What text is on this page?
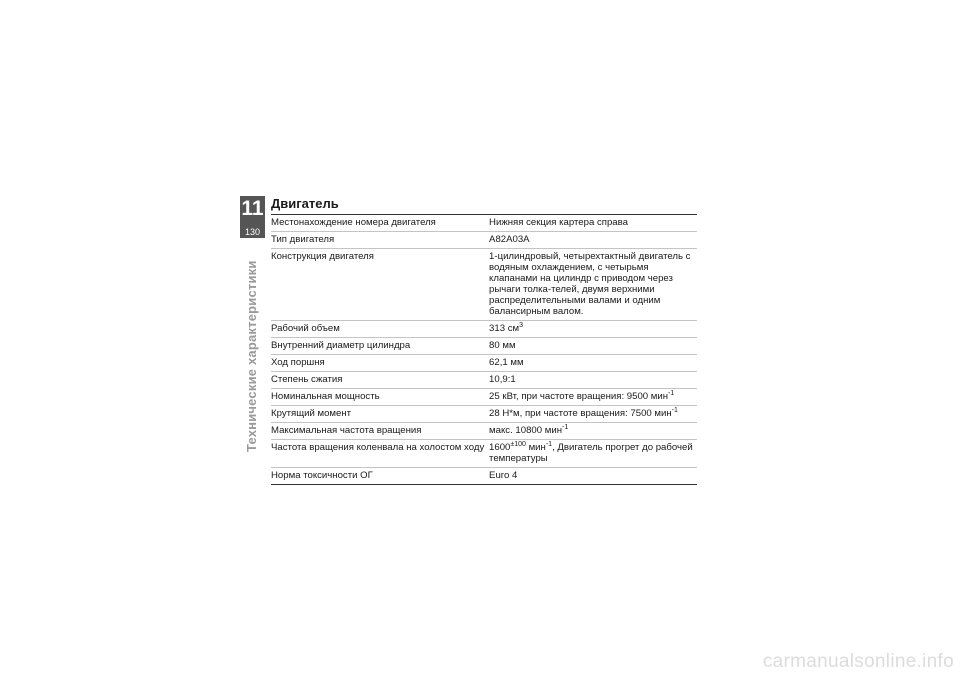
11
130
Технические характеристики
Двигатель
Местонахождение номера двигателя	Нижняя секция картера справа
Тип двигателя	A82A03A
Конструкция двигателя	1-цилиндровый, четырехтактный двигатель с водяным охлаждением, с четырьмя клапанами на цилиндр с приводом через рычаги толка-телей, двумя верхними распределительными валами и одним балансирным валом.
Рабочий объем	313 $см^3$
Внутренний диаметр цилиндра	80 мм
Ход поршня	62,1 мм
Степень сжатия	10,9:1
Номинальная мощность	25 кВт, при частоте вращения: 9500 мин$^{-1}$
Крутящий момент	28 Н*м, при частоте вращения: 7500 мин$^{-1}$
Максимальная частота вращения	макс. 10800 мин$^{-1}$
Частота вращения коленвала на холостом ходу	$1600^{\pm 100}$ мин$^{-1}$, Двигатель прогрет до рабочей температуры
Норма токсичности ОГ	Euro 4
carmanualsonline.info
